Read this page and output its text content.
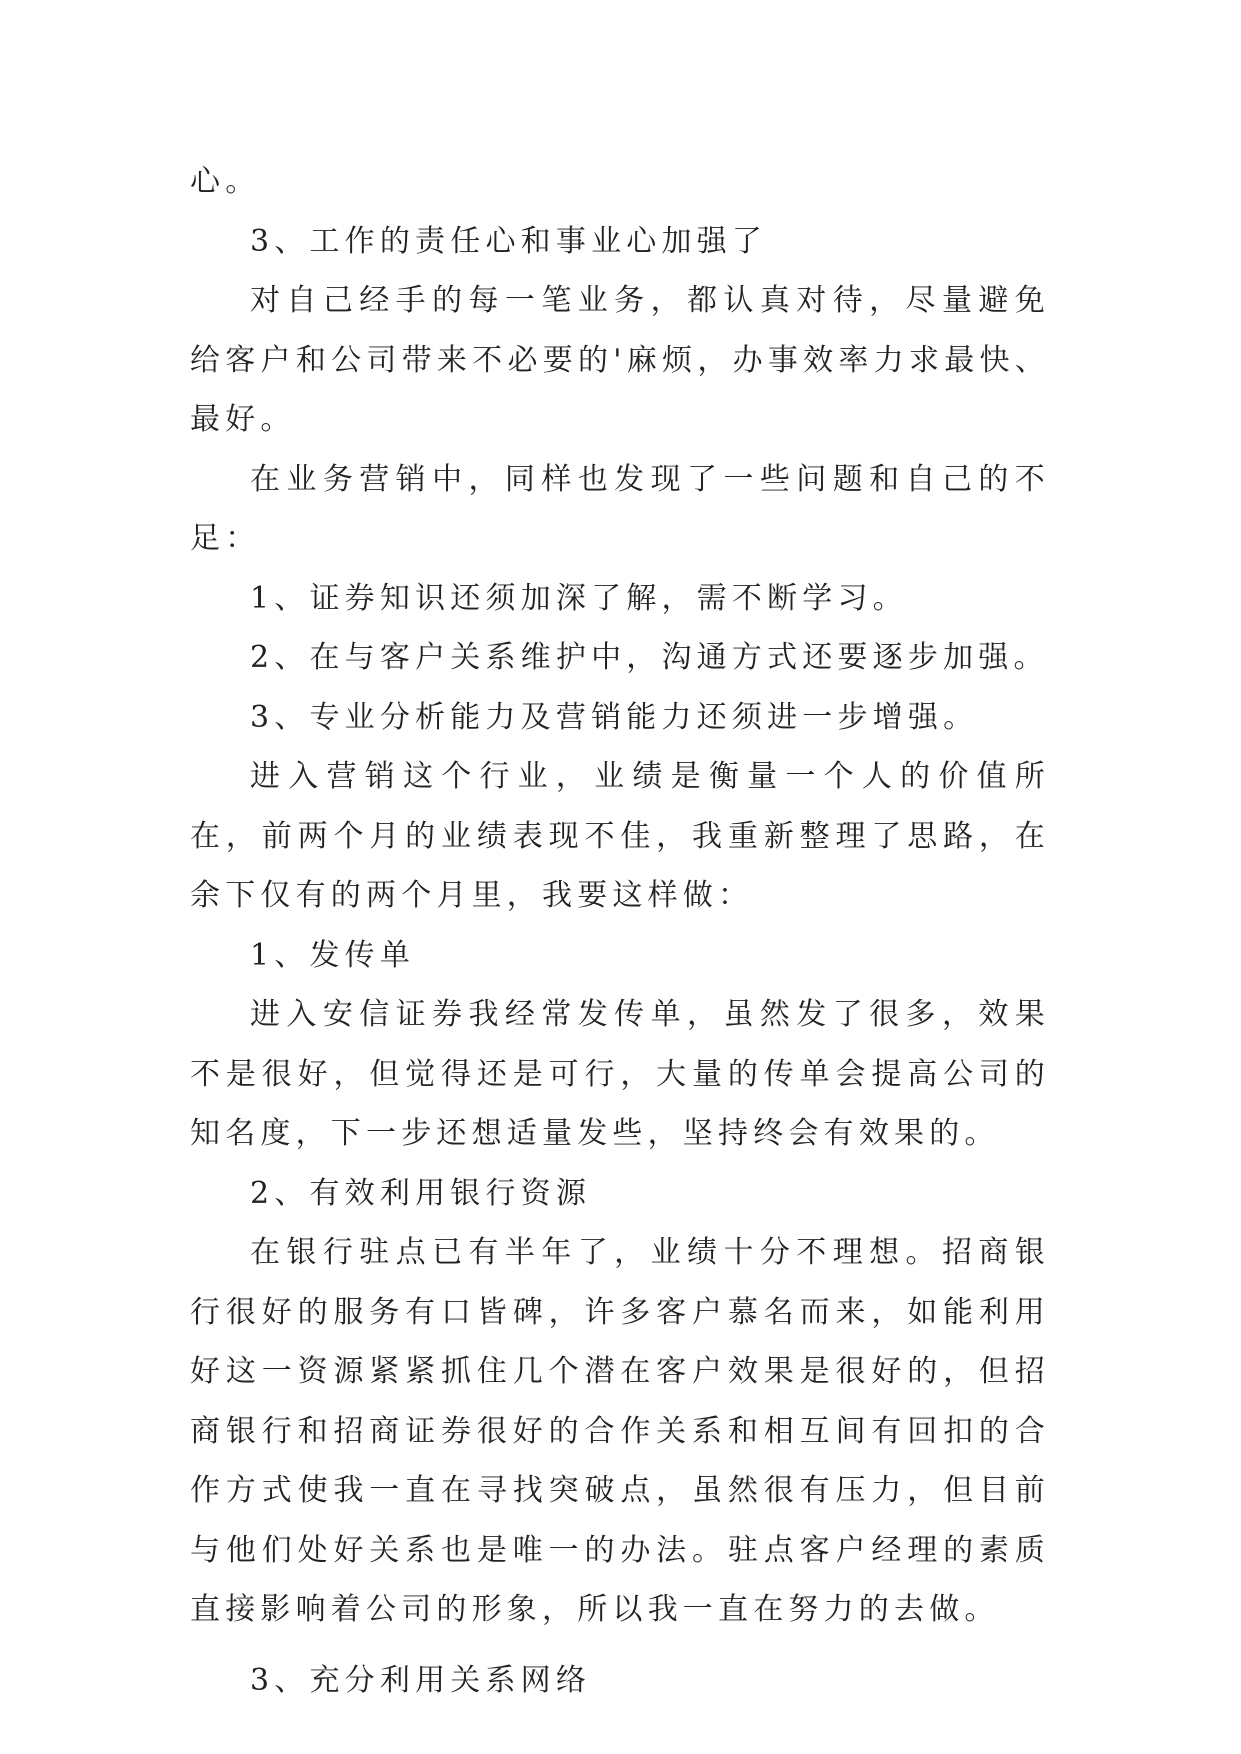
心。

3、工作的责任心和事业心加强了

对自己经手的每一笔业务，都认真对待，尽量避免给客户和公司带来不必要的'麻烦，办事效率力求最快、最好。

在业务营销中，同样也发现了一些问题和自己的不足：

1、证券知识还须加深了解，需不断学习。

2、在与客户关系维护中，沟通方式还要逐步加强。

3、专业分析能力及营销能力还须进一步增强。

进入营销这个行业，业绩是衡量一个人的价值所在，前两个月的业绩表现不佳，我重新整理了思路，在余下仅有的两个月里，我要这样做：

1、发传单

进入安信证券我经常发传单，虽然发了很多，效果不是很好，但觉得还是可行，大量的传单会提高公司的知名度，下一步还想适量发些，坚持终会有效果的。

2、有效利用银行资源

在银行驻点已有半年了，业绩十分不理想。招商银行很好的服务有口皆碑，许多客户慕名而来，如能利用好这一资源紧紧抓住几个潜在客户效果是很好的，但招商银行和招商证券很好的合作关系和相互间有回扣的合作方式使我一直在寻找突破点，虽然很有压力，但目前与他们处好关系也是唯一的办法。驻点客户经理的素质直接影响着公司的形象，所以我一直在努力的去做。

3、充分利用关系网络
